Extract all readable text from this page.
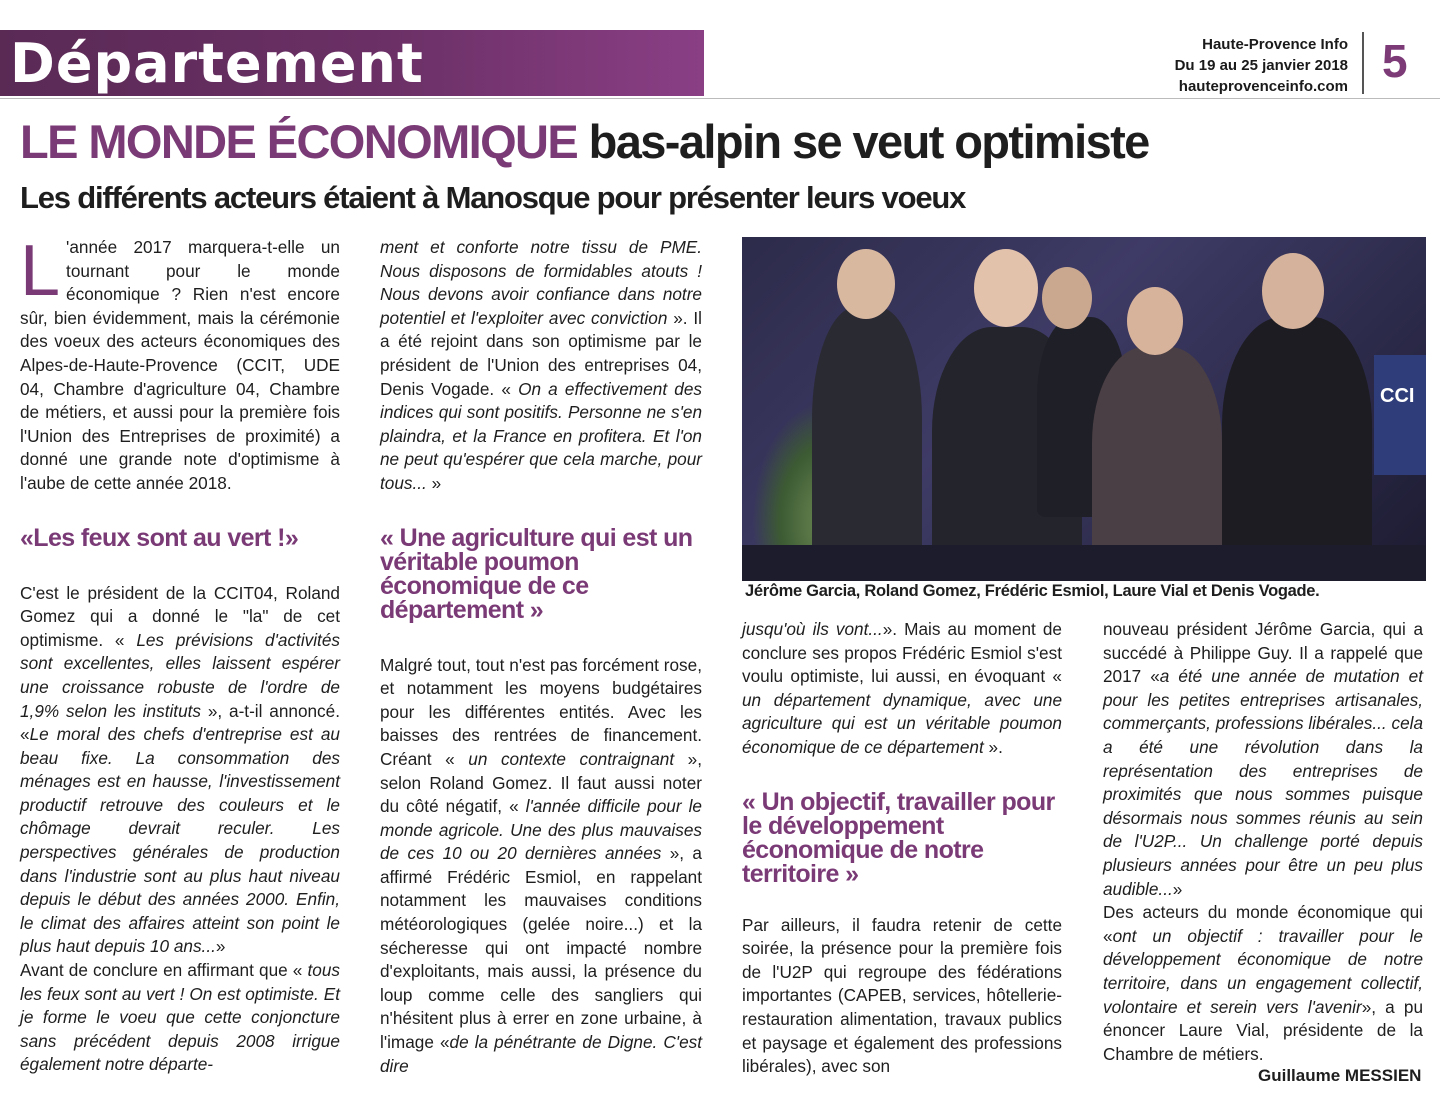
Département	Haute-Provence Info
Du 19 au 25 janvier 2018
hauteprovenceinfo.com 5
LE MONDE ÉCONOMIQUE bas-alpin se veut optimiste
Les différents acteurs étaient à Manosque pour présenter leurs voeux

L 'année 2017 marquera-t-elle un tournant pour le monde économique ? Rien n'est encore sûr, bien évidemment, mais la cérémonie des voeux des acteurs économiques des Alpes-de-Haute-Provence (CCIT, UDE 04, Chambre d'agriculture 04, Chambre de métiers, et aussi pour la première fois l'Union des Entreprises de proximité) a donné une grande note d'optimisme à l'aube de cette année 2018.

«Les feux sont au vert !»

C'est le président de la CCIT04, Roland Gomez qui a donné le "la" de cet optimisme. « Les prévisions d'activités sont excellentes, elles laissent espérer une croissance robuste de l'ordre de 1,9% selon les instituts », a-t-il annoncé. «Le moral des chefs d'entreprise est au beau fixe. La consommation des ménages est en hausse, l'investissement productif retrouve des couleurs et le chômage devrait reculer. Les perspectives générales de production dans l'industrie sont au plus haut niveau depuis le début des années 2000. Enfin, le climat des affaires atteint son point le plus haut depuis 10 ans...»

Avant de conclure en affirmant que « tous les feux sont au vert ! On est optimiste. Et je forme le voeu que cette conjoncture sans précédent depuis 2008 irrigue également notre départe-

ment et conforte notre tissu de PME. Nous disposons de formidables atouts ! Nous devons avoir confiance dans notre potentiel et l'exploiter avec conviction ». Il a été rejoint dans son optimisme par le président de l'Union des entreprises 04, Denis Vogade. « On a effectivement des indices qui sont positifs. Personne ne s'en plaindra, et la France en profitera. Et l'on ne peut qu'espérer que cela marche, pour tous... »

« Une agriculture qui est un véritable poumon économique de ce département »

Malgré tout, tout n'est pas forcément rose, et notamment les moyens budgétaires pour les différentes entités. Avec les baisses des rentrées de financement. Créant « un contexte contraignant », selon Roland Gomez. Il faut aussi noter du côté négatif, « l'année difficile pour le monde agricole. Une des plus mauvaises de ces 10 ou 20 dernières années », a affirmé Frédéric Esmiol, en rappelant notamment les mauvaises conditions météorologiques (gelée noire...) et la sécheresse qui ont impacté nombre d'exploitants, mais aussi, la présence du loup comme celle des sangliers qui n'hésitent plus à errer en zone urbaine, à l'image «de la pénétrante de Digne. C'est dire

CCI
Jérôme Garcia, Roland Gomez, Frédéric Esmiol, Laure Vial et Denis Vogade.

jusqu'où ils vont...». Mais au moment de conclure ses propos Frédéric Esmiol s'est voulu optimiste, lui aussi, en évoquant « un département dynamique, avec une agriculture qui est un véritable poumon économique de ce département ».

« Un objectif, travailler pour le développement économique de notre territoire »

Par ailleurs, il faudra retenir de cette soirée, la présence pour la première fois de l'U2P qui regroupe des fédérations importantes (CAPEB, services, hôtellerie-restauration alimentation, travaux publics et paysage et également des professions libérales), avec son

nouveau président Jérôme Garcia, qui a succédé à Philippe Guy. Il a rappelé que 2017 «a été une année de mutation et pour les petites entreprises artisanales, commerçants, professions libérales... cela a été une révolution dans la représentation des entreprises de proximités que nous sommes puisque désormais nous sommes réunis au sein de l'U2P... Un challenge porté depuis plusieurs années pour être un peu plus audible...»

Des acteurs du monde économique qui «ont un objectif : travailler pour le développement économique de notre territoire, dans un engagement collectif, volontaire et serein vers l'avenir», a pu énoncer Laure Vial, présidente de la Chambre de métiers.

Guillaume MESSIEN
